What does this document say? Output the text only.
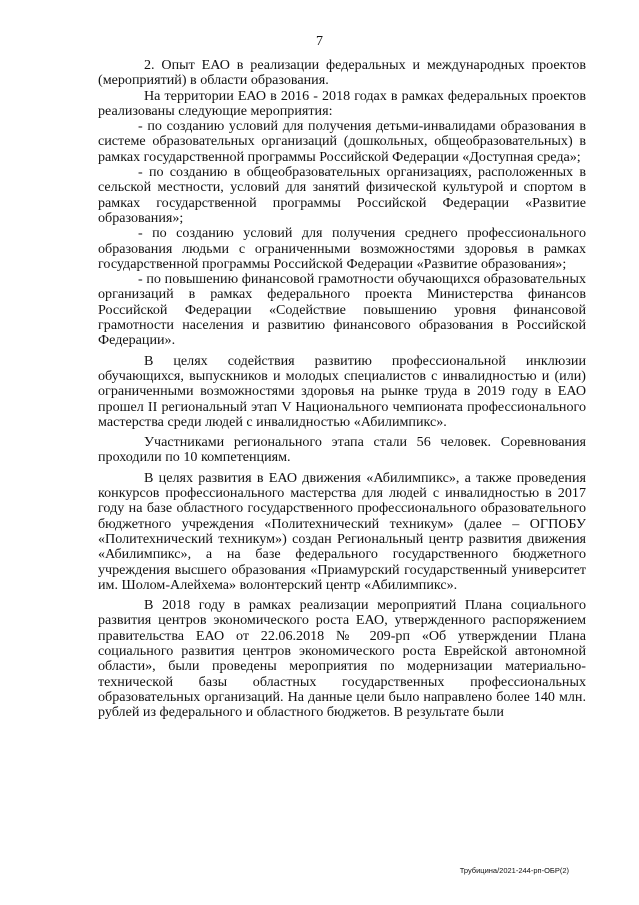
7

2. Опыт ЕАО в реализации федеральных и международных проектов (мероприятий) в области образования.

На территории ЕАО в 2016 - 2018 годах в рамках федеральных проектов реализованы следующие мероприятия:

- по созданию условий для получения детьми-инвалидами образования в системе образовательных организаций (дошкольных, общеобразовательных) в рамках государственной программы Российской Федерации «Доступная среда»;

- по созданию в общеобразовательных организациях, расположенных в сельской местности, условий для занятий физической культурой и спортом в рамках государственной программы Российской Федерации «Развитие образования»;

- по созданию условий для получения среднего профессионального образования людьми с ограниченными возможностями здоровья в рамках государственной программы Российской Федерации «Развитие образования»;

- по повышению финансовой грамотности обучающихся образовательных организаций в рамках федерального проекта Министерства финансов Российской Федерации «Содействие повышению уровня финансовой грамотности населения и развитию финансового образования в Российской Федерации».

В целях содействия развитию профессиональной инклюзии обучающихся, выпускников и молодых специалистов с инвалидностью и (или) ограниченными возможностями здоровья на рынке труда в 2019 году в ЕАО прошел II региональный этап V Национального чемпионата профессионального мастерства среди людей с инвалидностью «Абилимпикс».

Участниками регионального этапа стали 56 человек. Соревнования проходили по 10 компетенциям.

В целях развития в ЕАО движения «Абилимпикс», а также проведения конкурсов профессионального мастерства для людей с инвалидностью в 2017 году на базе областного государственного профессионального образовательного бюджетного учреждения «Политехнический техникум» (далее – ОГПОБУ «Политехнический техникум») создан Региональный центр развития движения «Абилимпикс», а на базе федерального государственного бюджетного учреждения высшего образования «Приамурский государственный университет им. Шолом-Алейхема» волонтерский центр «Абилимпикс».

В 2018 году в рамках реализации мероприятий Плана социального развития центров экономического роста ЕАО, утвержденного распоряжением правительства ЕАО от 22.06.2018 № 209-рп «Об утверждении Плана социального развития центров экономического роста Еврейской автономной области», были проведены мероприятия по модернизации материально-технической базы областных государственных профессиональных образовательных организаций. На данные цели было направлено более 140 млн. рублей из федерального и областного бюджетов. В результате были

Трубицина/2021-244-рп-ОБР(2)
